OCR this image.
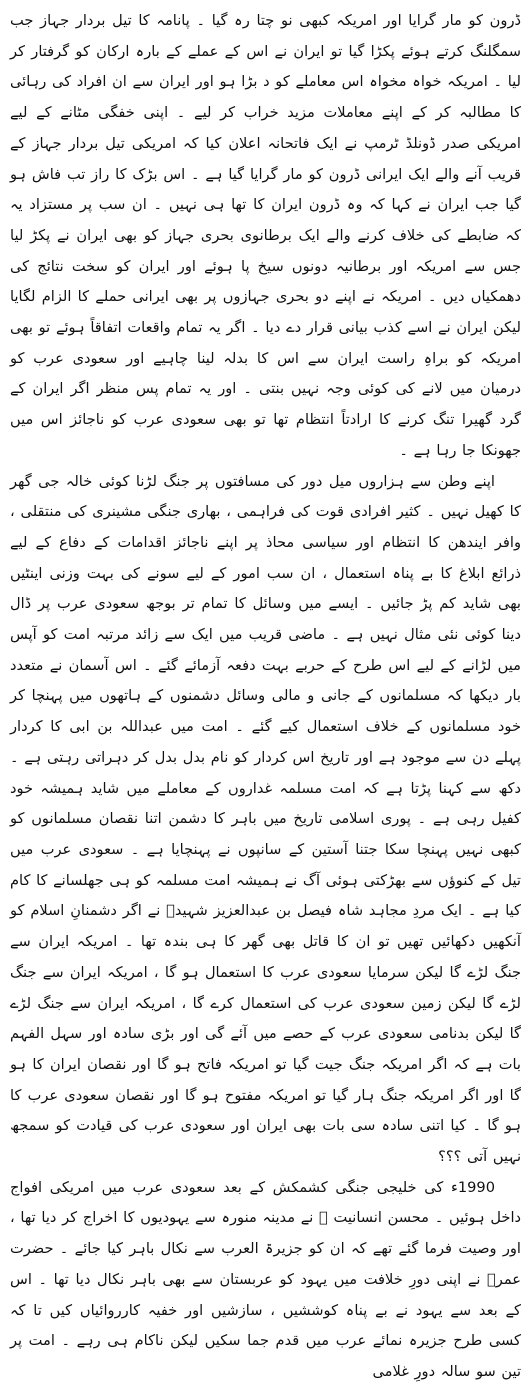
ڈرون کو مار گرایا اور امریکہ کبھی نو چتا رہ گیا ۔ پانامہ کا تیل بردار جہاز جب سمگلنگ کرتے ہوئے پکڑا گیا تو ایران نے اس کے عملے کے بارہ ارکان کو گرفتار کر لیا ۔ امریکہ خواہ مخواہ اس معاملے کو د بڑا ہو اور ایران سے ان افراد کی رہائی کا مطالبہ کر کے اپنے معاملات مزید خراب کر لیے ۔ اپنی خفگی مٹانے کے لیے امریکی صدر ڈونلڈ ٹرمپ نے ایک فاتحانہ اعلان کیا کہ امریکی تیل بردار جہاز کے قریب آنے والے ایک ایرانی ڈرون کو مار گرایا گیا ہے ۔ اس بڑک کا راز تب فاش ہو گیا جب ایران نے کہا کہ وہ ڈرون ایران کا تھا ہی نہیں ۔ ان سب پر مستزاد یہ کہ ضابطے کی خلاف کرنے والے ایک برطانوی بحری جہاز کو بھی ایران نے پکڑ لیا جس سے امریکہ اور برطانیہ دونوں سیخ پا ہوئے اور ایران کو سخت نتائج کی دھمکیاں دیں ۔ امریکہ نے اپنے دو بحری جہازوں پر بھی ایرانی حملے کا الزام لگایا لیکن ایران نے اسے کذب بیانی قرار دے دیا ۔ اگر یہ تمام واقعات اتفاقاً ہوئے تو بھی امریکہ کو براہِ راست ایران سے اس کا بدلہ لینا چاہیے اور سعودی عرب کو درمیان میں لانے کی کوئی وجہ نہیں بنتی ۔ اور یہ تمام پس منظر اگر ایران کے گرد گھیرا تنگ کرنے کا ارادتاً انتظام تھا تو بھی سعودی عرب کو ناجائز اس میں جھونکا جا رہا ہے ۔

اپنے وطن سے ہزاروں میل دور کی مسافتوں پر جنگ لڑنا کوئی خالہ جی گھر کا کھیل نہیں ۔ کثیر افرادی قوت کی فراہمی ، بھاری جنگی مشینری کی منتقلی ، وافر ایندھن کا انتظام اور سیاسی محاذ پر اپنے ناجائز اقدامات کے دفاع کے لیے ذرائع ابلاغ کا بے پناہ استعمال ، ان سب امور کے لیے سونے کی بہت وزنی اینٹیں بھی شاید کم پڑ جائیں ۔ ایسے میں وسائل کا تمام تر بوجھ سعودی عرب پر ڈال دینا کوئی نئی مثال نہیں ہے ۔ ماضی قریب میں ایک سے زائد مرتبہ امت کو آپس میں لڑانے کے لیے اس طرح کے حربے بہت دفعہ آزمائے گئے ۔ اس آسمان نے متعدد بار دیکھا کہ مسلمانوں کے جانی و مالی وسائل دشمنوں کے ہاتھوں میں پہنچا کر خود مسلمانوں کے خلاف استعمال کیے گئے ۔ امت میں عبداللہ بن ابی کا کردار پہلے دن سے موجود ہے اور تاریخ اس کردار کو نام بدل بدل کر دہراتی رہتی ہے ۔ دکھ سے کہنا پڑتا ہے کہ امت مسلمہ غداروں کے معاملے میں شاید ہمیشہ خود کفیل رہی ہے ۔ پوری اسلامی تاریخ میں باہر کا دشمن اتنا نقصان مسلمانوں کو کبھی نہیں پہنچا سکا جتنا آستین کے سانپوں نے پہنچایا ہے ۔ سعودی عرب میں تیل کے کنوؤں سے بھڑکتی ہوئی آگ نے ہمیشہ امت مسلمہ کو ہی جھلسانے کا کام کیا ہے ۔ ایک مردِ مجاہد شاہ فیصل بن عبدالعزیز شہیدؒ نے اگر دشمنانِ اسلام کو آنکھیں دکھائیں تھیں تو ان کا قاتل بھی گھر کا ہی بندہ تھا ۔ امریکہ ایران سے جنگ لڑے گا لیکن سرمایا سعودی عرب کا استعمال ہو گا ، امریکہ ایران سے جنگ لڑے گا لیکن زمین سعودی عرب کی استعمال کرے گا ، امریکہ ایران سے جنگ لڑے گا لیکن بدنامی سعودی عرب کے حصے میں آئے گی اور بڑی سادہ اور سہل الفہم بات ہے کہ اگر امریکہ جنگ جیت گیا تو امریکہ فاتح ہو گا اور نقصان ایران کا ہو گا اور اگر امریکہ جنگ ہار گیا تو امریکہ مفتوح ہو گا اور نقصان سعودی عرب کا ہو گا ۔ کیا اتنی سادہ سی بات بھی ایران اور سعودی عرب کی قیادت کو سمجھ نہیں آتی ؟؟؟

1990ء کی خلیجی جنگی کشمکش کے بعد سعودی عرب میں امریکی افواج داخل ہوئیں ۔ محسن انسانیت ﷺ نے مدینہ منورہ سے یہودیوں کا اخراج کر دیا تھا ، اور وصیت فرما گئے تھے کہ ان کو جزیرۃ العرب سے نکال باہر کیا جائے ۔ حضرت عمرؓ نے اپنی دورِ خلافت میں یہود کو عربستان سے بھی باہر نکال دیا تھا ۔ اس کے بعد سے یہود نے بے پناہ کوششیں ، سازشیں اور خفیہ کارروائیاں کیں تا کہ کسی طرح جزیرہ نمائے عرب میں قدم جما سکیں لیکن ناکام ہی رہے ۔ امت پر تین سو سالہ دورِ غلامی
